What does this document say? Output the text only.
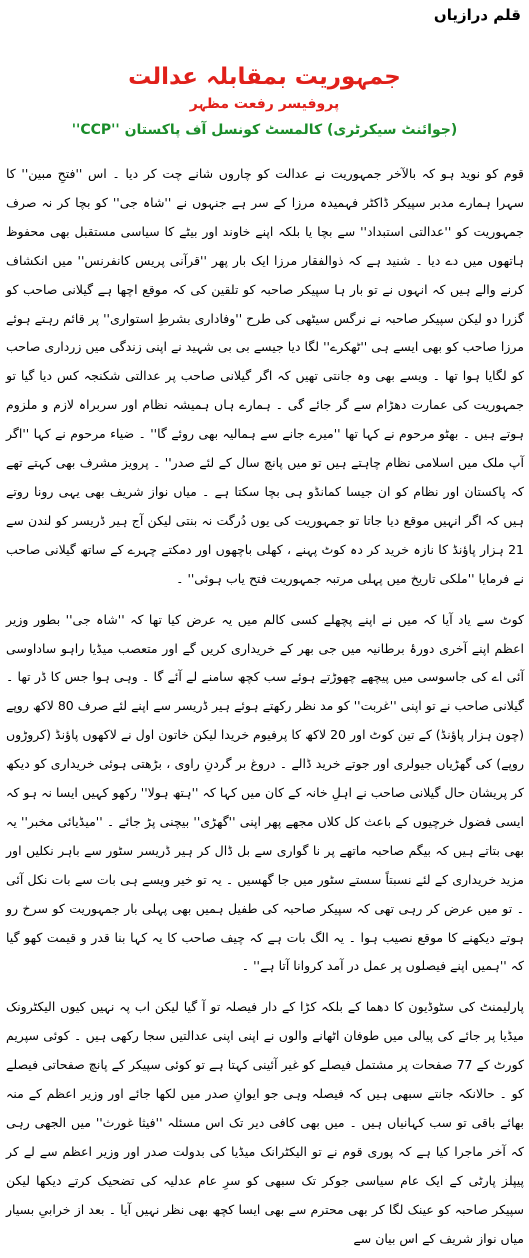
قلم درازیاں
جمہوریت بمقابلہ عدالت
پروفیسر رفعت مظہر
(جوائنٹ سیکرٹری) کالمسٹ کونسل آف پاکستان ''CCP''

قوم کو نوید ہو کہ بالآخر جمہوریت نے عدالت کو چاروں شانے چت کر دیا ۔ اس ''فتحِ مبین'' کا سہرا ہمارے مدبر سپیکر ڈاکٹر فہمیدہ مرزا کے سر ہے جنہوں نے ''شاہ جی'' کو بچا کر نہ صرف جمہوریت کو ''عدالتی استبداد'' سے بچا یا بلکہ اپنے خاوند اور بیٹے کا سیاسی مستقبل بھی محفوظ ہاتھوں میں دے دیا ۔ شنید ہے کہ ذوالفقار مرزا ایک بار پھر ''قرآنی پریس کانفرنس'' میں انکشاف کرنے والے ہیں کہ انہوں نے تو بار ہا سپیکر صاحبہ کو تلقین کی کہ موقع اچھا ہے گیلانی صاحب کو گزرا دو لیکن سپیکر صاحبہ نے نرگس سیٹھی کی طرح ''وفاداری بشرطِ استواری'' پر قائم رہتے ہوئے مرزا صاحب کو بھی ایسے ہی ''ٹھکرے'' لگا دیا جیسے بی بی شہید نے اپنی زندگی میں زرداری صاحب کو لگایا ہوا تھا ۔ ویسے بھی وہ جانتی تھیں کہ اگر گیلانی صاحب پر عدالتی شکنجہ کس دیا گیا تو جمہوریت کی عمارت دھڑام سے گر جائے گی ۔ ہمارے ہاں ہمیشہ نظام اور سربراہ لازم و ملزوم ہوتے ہیں ۔ بھٹو مرحوم نے کہا تھا ''میرے جانے سے ہمالیہ بھی روئے گا'' ۔ ضیاء مرحوم نے کہا ''اگر آپ ملک میں اسلامی نظام چاہتے ہیں تو میں پانچ سال کے لئے صدر'' ۔ پرویز مشرف بھی کہتے تھے کہ پاکستان اور نظام کو ان جیسا کمانڈو ہی بچا سکتا ہے ۔ میاں نواز شریف بھی یہی رونا روتے ہیں کہ اگر انہیں موقع دیا جاتا تو جمہوریت کی یوں دُرگت نہ بنتی لیکن آج ہیر ڈریسر کو لندن سے 21 ہزار پاؤنڈ کا نازہ خرید کر دہ کوٹ پہنے ، کھلی باچھوں اور دمکتے چہرے کے ساتھ گیلانی صاحب نے فرمایا ''ملکی تاریخ میں پہلی مرتبہ جمہوریت فتح یاب ہوئی'' ۔

کوٹ سے یاد آیا کہ میں نے اپنے پچھلے کسی کالم میں یہ عرض کیا تھا کہ ''شاہ جی'' بطور وزیر اعظم اپنے آخری دورۂ برطانیہ میں جی بھر کے خریداری کریں گے اور متعصب میڈیا راہو ساداوسی آئی اے کی جاسوسی میں پیچھے چھوڑتے ہوئے سب کچھ سامنے لے آئے گا ۔ وہی ہوا جس کا ڈر تھا ۔ گیلانی صاحب نے تو اپنی ''غربت'' کو مد نظر رکھتے ہوئے ہیر ڈریسر سے اپنے لئے صرف 80 لاکھ روپے (چون ہزار پاؤنڈ) کے تین کوٹ اور 20 لاکھ کا پرفیوم خریدا لیکن خاتون اول نے لاکھوں پاؤنڈ (کروڑوں روپے) کی گھڑیاں جیولری اور جوتے خرید ڈالے ۔ دروغ بر گردنِ راوی ، بڑھتی ہوئی خریداری کو دیکھ کر پریشان حال گیلانی صاحب نے اہلِ خانہ کے کان میں کہا کہ ''ہتھ ہولا'' رکھو کہیں ایسا نہ ہو کہ ایسی فضول خرچیوں کے باعث کل کلاں مجھے پھر اپنی ''گھڑی'' بیچنی پڑ جائے ۔ ''میڈیائی مخبر'' یہ بھی بتاتے ہیں کہ بیگم صاحبہ ماتھے پر نا گواری سے بل ڈال کر ہیر ڈریسر سٹور سے باہر نکلیں اور مزید خریداری کے لئے نسبتاً سستے سٹور میں جا گھسیں ۔ یہ تو خیر ویسے ہی بات سے بات نکل آئی ۔ تو میں عرض کر رہی تھی کہ سپیکر صاحبہ کی طفیل ہمیں بھی پہلی بار جمہوریت کو سرخ رو ہوتے دیکھنے کا موقع نصیب ہوا ۔ یہ الگ بات ہے کہ چیف صاحب کا یہ کہا بنا قدر و قیمت کھو گیا کہ ''ہمیں اپنے فیصلوں پر عمل در آمد کروانا آتا ہے'' ۔

پارلیمنٹ کی سٹوڈیون کا دھما کے بلکہ کڑا کے دار فیصلہ تو آ گیا لیکن اب پہ نہیں کیوں الیکٹرونک میڈیا پر جائے کی پیالی میں طوفان اٹھانے والوں نے اپنی اپنی عدالتیں سجا رکھی ہیں ۔ کوئی سپریم کورٹ کے 77 صفحات پر مشتمل فیصلے کو غیر آئینی کہتا ہے تو کوئی سپیکر کے پانچ صفحاتی فیصلے کو ۔ حالانکہ جانتے سبھی ہیں کہ فیصلہ وہی جو ایوانِ صدر میں لکھا جائے اور وزیر اعظم کے منہ بھائے باقی تو سب کہانیاں ہیں ۔ میں بھی کافی دیر تک اس مسئلہ ''فیثا غورث'' میں الجھی رہی کہ آخر ماجرا کیا ہے کہ پوری قوم نے تو الیکٹرانک میڈیا کی بدولت صدر اور وزیر اعظم سے لے کر پیپلز پارٹی کے ایک عام سیاسی جوکر تک سبھی کو سرِ عام عدلیہ کی تضحیک کرتے دیکھا لیکن سپیکر صاحبہ کو عینک لگا کر بھی محترم سے بھی ایسا کچھ بھی نظر نہیں آیا ۔ بعد از خرابیِ بسیار میاں نواز شریف کے اس بیان سے
